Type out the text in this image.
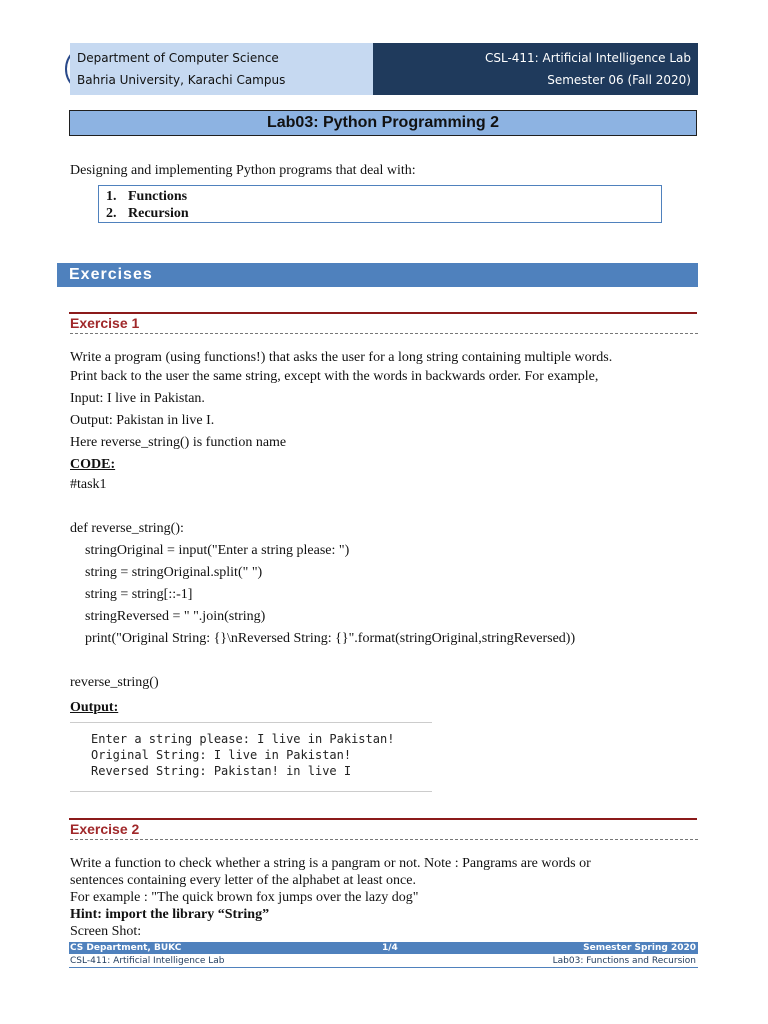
Department of Computer Science
Bahria University, Karachi Campus
CSL-411: Artificial Intelligence Lab
Semester 06 (Fall 2020)
Lab03: Python Programming 2
Designing and implementing Python programs that deal with:
1. Functions
2. Recursion
Exercises
Exercise 1
Write a program (using functions!) that asks the user for a long string containing multiple words.
Print back to the user the same string, except with the words in backwards order. For example,
Input: I live in Pakistan.
Output: Pakistan in live I.
Here reverse_string() is function name
CODE:
#task1
def reverse_string():
stringOriginal = input("Enter a string please: ")
string = stringOriginal.split(" ")
string = string[::-1]
stringReversed = " ".join(string)
print("Original String: {}\nReversed String: {}".format(stringOriginal,stringReversed))
reverse_string()
Output:
Enter a string please: I live in Pakistan!
Original String: I live in Pakistan!
Reversed String: Pakistan! in live I
Exercise 2
Write a function to check whether a string is a pangram or not. Note : Pangrams are words or
sentences containing every letter of the alphabet at least once.
For example : "The quick brown fox jumps over the lazy dog"
Hint: import the library “String”
Screen Shot:
CS Department, BUKC	1/4	Semester Spring 2020
CSL-411: Artificial Intelligence Lab	Lab03: Functions and Recursion
